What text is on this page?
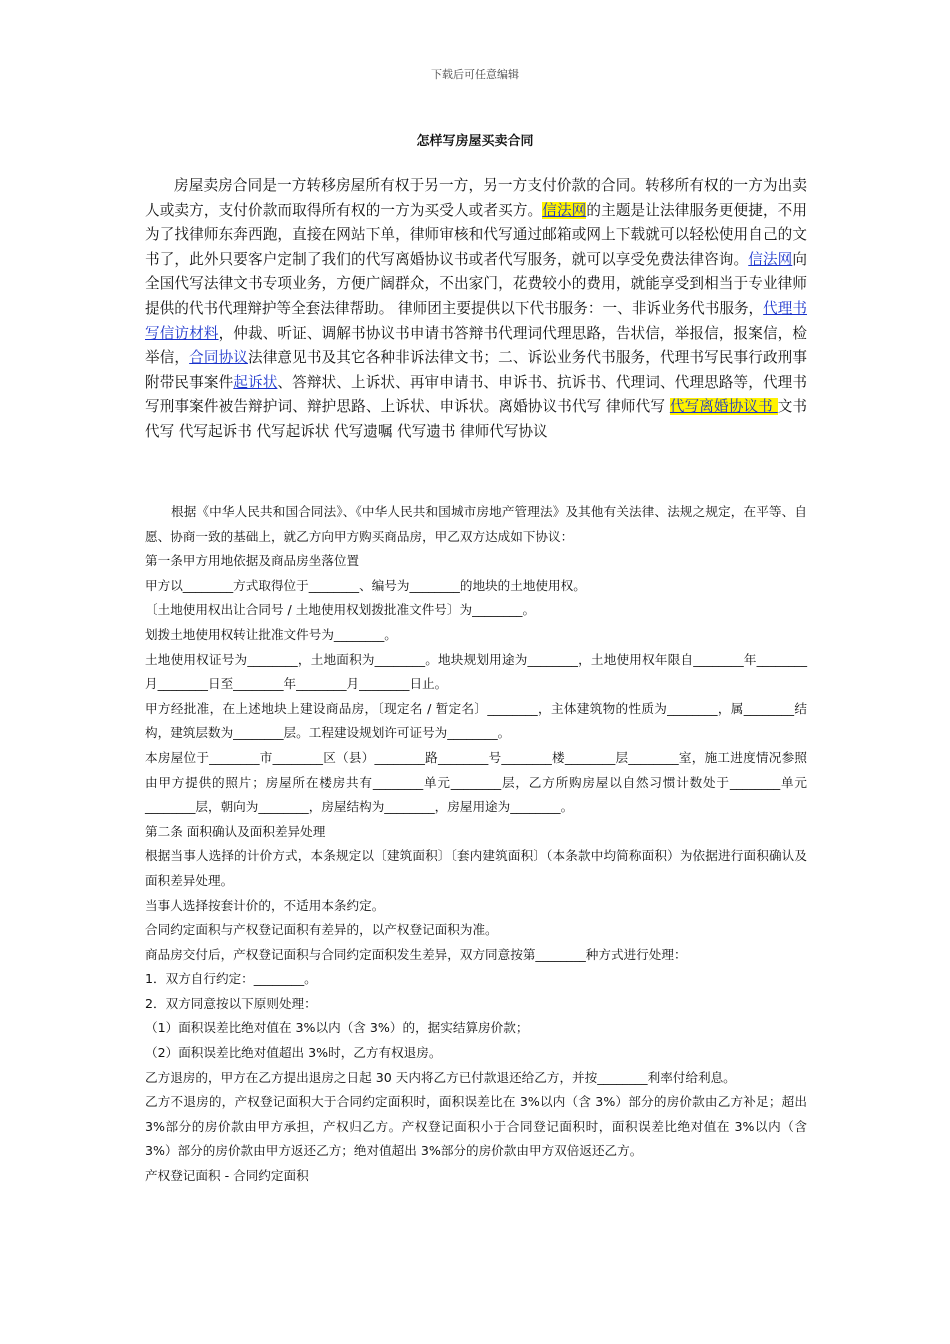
下载后可任意编辑
怎样写房屋买卖合同

房屋卖房合同是一方转移房屋所有权于另一方，另一方支付价款的合同。转移所有权的一方为出卖人或卖方，支付价款而取得所有权的一方为买受人或者买方。信法网的主题是让法律服务更便捷，不用为了找律师东奔西跑，直接在网站下单，律师审核和代写通过邮箱或网上下载就可以轻松使用自己的文书了，此外只要客户定制了我们的代写离婚协议书或者代写服务，就可以享受免费法律咨询。信法网向全国代写法律文书专项业务，方便广阔群众，不出家门，花费较小的费用，就能享受到相当于专业律师提供的代书代理辩护等全套法律帮助。 律师团主要提供以下代书服务：一、非诉业务代书服务，代理书写信访材料，仲裁、听证、调解书协议书申请书答辩书代理词代理思路，告状信，举报信，报案信，检举信，合同协议法律意见书及其它各种非诉法律文书；二、诉讼业务代书服务，代理书写民事行政刑事附带民事案件起诉状、答辩状、上诉状、再审申请书、申诉书、抗诉书、代理词、代理思路等，代理书写刑事案件被告辩护词、辩护思路、上诉状、申诉状。离婚协议书代写 律师代写 代写离婚协议书 文书代写 代写起诉书 代写起诉状 代写遗嘱 代写遗书 律师代写协议

根据《中华人民共和国合同法》、《中华人民共和国城市房地产管理法》及其他有关法律、法规之规定，在平等、自愿、协商一致的基础上，就乙方向甲方购买商品房，甲乙双方达成如下协议：

第一条甲方用地依据及商品房坐落位置

甲方以________方式取得位于________、编号为________的地块的土地使用权。

〔土地使用权出让合同号 / 土地使用权划拨批准文件号〕为________。

划拨土地使用权转让批准文件号为________。

土地使用权证号为________，土地面积为________。地块规划用途为________，土地使用权年限自________年________月________日至________年________月________日止。

甲方经批准，在上述地块上建设商品房，〔现定名 / 暂定名〕________，主体建筑物的性质为________，属________结构，建筑层数为________层。工程建设规划许可证号为________。

本房屋位于________市________区（县）________路________号________楼________层________室，施工进度情况参照由甲方提供的照片；房屋所在楼房共有________单元________层，乙方所购房屋以自然习惯计数处于________单元________层，朝向为________，房屋结构为________，房屋用途为________。

第二条 面积确认及面积差异处理

根据当事人选择的计价方式，本条规定以〔建筑面积〕〔套内建筑面积〕（本条款中均简称面积）为依据进行面积确认及面积差异处理。

当事人选择按套计价的，不适用本条约定。

合同约定面积与产权登记面积有差异的，以产权登记面积为准。

商品房交付后，产权登记面积与合同约定面积发生差异，双方同意按第________种方式进行处理：

1．双方自行约定：________。

2．双方同意按以下原则处理：

（1）面积误差比绝对值在 3%以内（含 3%）的，据实结算房价款；

（2）面积误差比绝对值超出 3%时，乙方有权退房。

乙方退房的，甲方在乙方提出退房之日起 30 天内将乙方已付款退还给乙方，并按________利率付给利息。

乙方不退房的，产权登记面积大于合同约定面积时，面积误差比在 3%以内（含 3%）部分的房价款由乙方补足；超出 3%部分的房价款由甲方承担，产权归乙方。产权登记面积小于合同登记面积时，面积误差比绝对值在 3%以内（含 3%）部分的房价款由甲方返还乙方；绝对值超出 3%部分的房价款由甲方双倍返还乙方。

产权登记面积 - 合同约定面积
